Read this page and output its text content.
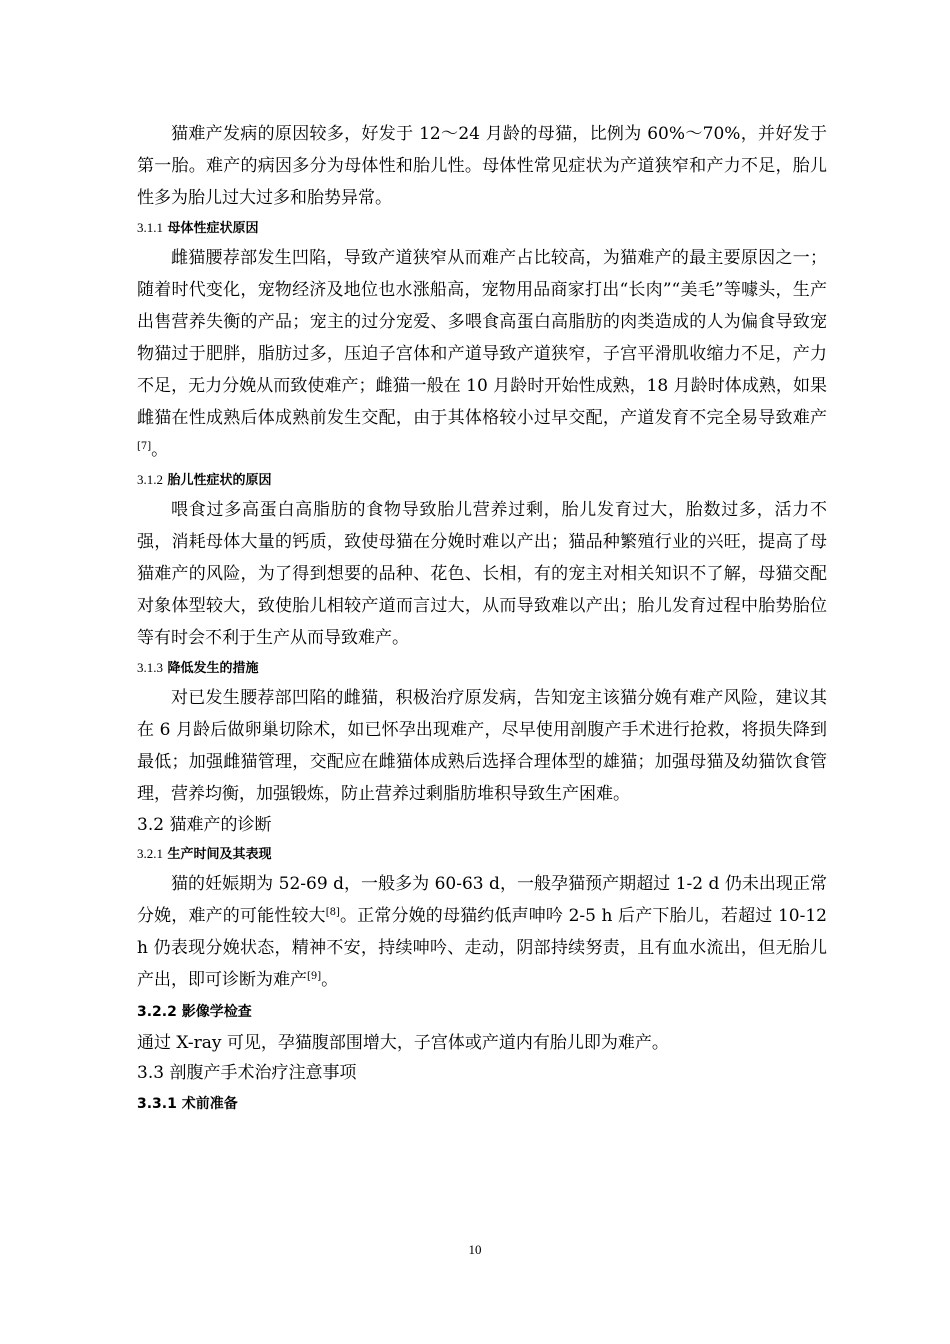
猫难产发病的原因较多，好发于 12～24 月龄的母猫，比例为 60%～70%，并好发于第一胎。难产的病因多分为母体性和胎儿性。母体性常见症状为产道狭窄和产力不足，胎儿性多为胎儿过大过多和胎势异常。

3.1.1 母体性症状原因

雌猫腰荐部发生凹陷，导致产道狭窄从而难产占比较高，为猫难产的最主要原因之一；随着时代变化，宠物经济及地位也水涨船高，宠物用品商家打出“长肉”“美毛”等噱头，生产出售营养失衡的产品；宠主的过分宠爱、多喂食高蛋白高脂肪的肉类造成的人为偏食导致宠物猫过于肥胖，脂肪过多，压迫子宫体和产道导致产道狭窄，子宫平滑肌收缩力不足，产力不足，无力分娩从而致使难产；雌猫一般在 10 月龄时开始性成熟，18 月龄时体成熟，如果雌猫在性成熟后体成熟前发生交配，由于其体格较小过早交配，产道发育不完全易导致难产[7]。

3.1.2 胎儿性症状的原因

喂食过多高蛋白高脂肪的食物导致胎儿营养过剩，胎儿发育过大，胎数过多，活力不强，消耗母体大量的钙质，致使母猫在分娩时难以产出；猫品种繁殖行业的兴旺，提高了母猫难产的风险，为了得到想要的品种、花色、长相，有的宠主对相关知识不了解，母猫交配对象体型较大，致使胎儿相较产道而言过大，从而导致难以产出；胎儿发育过程中胎势胎位等有时会不利于生产从而导致难产。

3.1.3 降低发生的措施

对已发生腰荐部凹陷的雌猫，积极治疗原发病，告知宠主该猫分娩有难产风险，建议其在 6 月龄后做卵巢切除术，如已怀孕出现难产，尽早使用剖腹产手术进行抢救，将损失降到最低；加强雌猫管理，交配应在雌猫体成熟后选择合理体型的雄猫；加强母猫及幼猫饮食管理，营养均衡，加强锻炼，防止营养过剩脂肪堆积导致生产困难。

3.2 猫难产的诊断
3.2.1 生产时间及其表现

猫的妊娠期为 52-69 d，一般多为 60-63 d，一般孕猫预产期超过 1-2 d 仍未出现正常分娩，难产的可能性较大[8]。正常分娩的母猫约低声呻吟 2-5 h 后产下胎儿，若超过 10-12 h 仍表现分娩状态，精神不安，持续呻吟、走动，阴部持续努责，且有血水流出，但无胎儿产出，即可诊断为难产[9]。

3.2.2 影像学检查

通过 X-ray 可见，孕猫腹部围增大，子宫体或产道内有胎儿即为难产。

3.3 剖腹产手术治疗注意事项
3.3.1 术前准备
10
